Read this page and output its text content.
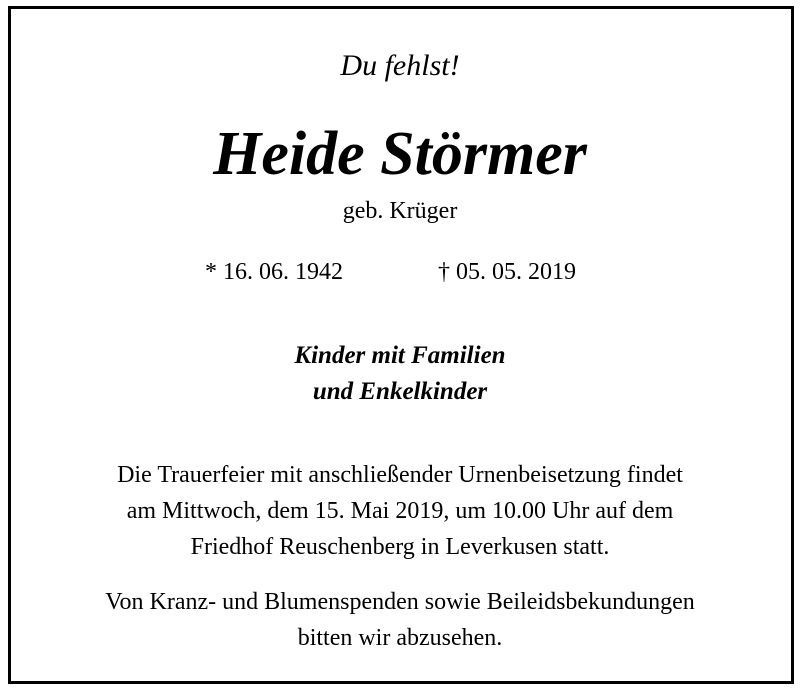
Du fehlst!
Heide Störmer
geb. Krüger
* 16. 06. 1942	† 05. 05. 2019
Kinder mit Familien
und Enkelkinder
Die Trauerfeier mit anschließender Urnenbeisetzung findet
am Mittwoch, dem 15. Mai 2019, um 10.00 Uhr auf dem
Friedhof Reuschenberg in Leverkusen statt.
Von Kranz- und Blumenspenden sowie Beileidsbekundungen
bitten wir abzusehen.
